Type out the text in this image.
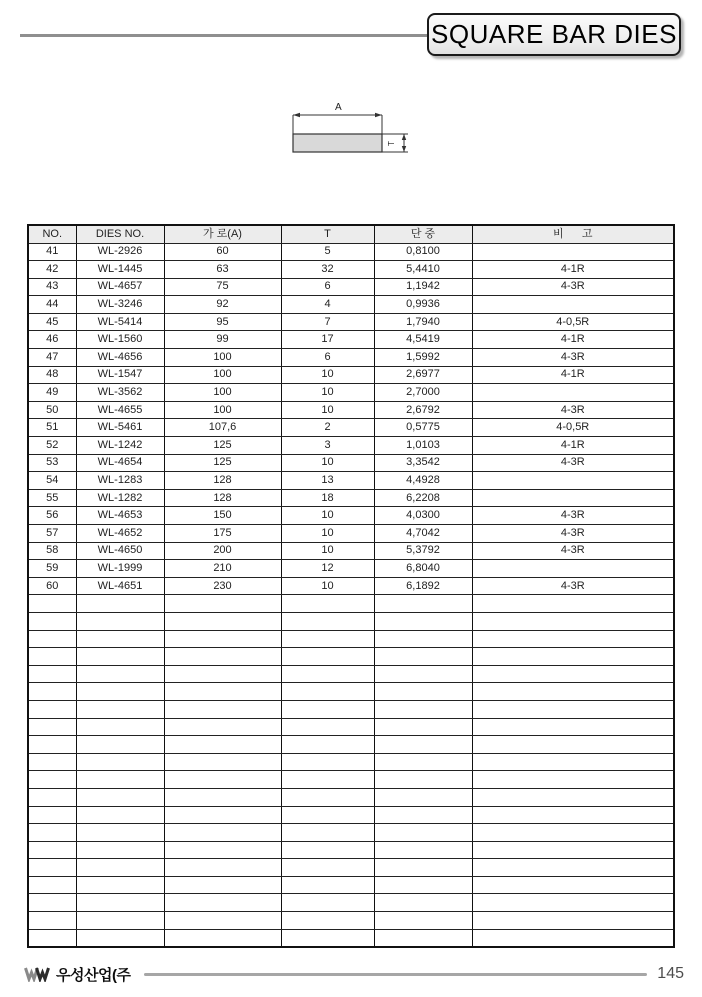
SQUARE BAR DIES
A
T
NO.	DIES NO.	가 로(A)	T	단 중	비      고
41	WL-2926	60	5	0,8100	
42	WL-1445	63	32	5,4410	4-1R
43	WL-4657	75	6	1,1942	4-3R
44	WL-3246	92	4	0,9936	
45	WL-5414	95	7	1,7940	4-0,5R
46	WL-1560	99	17	4,5419	4-1R
47	WL-4656	100	6	1,5992	4-3R
48	WL-1547	100	10	2,6977	4-1R
49	WL-3562	100	10	2,7000	
50	WL-4655	100	10	2,6792	4-3R
51	WL-5461	107,6	2	0,5775	4-0,5R
52	WL-1242	125	3	1,0103	4-1R
53	WL-4654	125	10	3,3542	4-3R
54	WL-1283	128	13	4,4928	
55	WL-1282	128	18	6,2208	
56	WL-4653	150	10	4,0300	4-3R
57	WL-4652	175	10	4,7042	4-3R
58	WL-4650	200	10	5,3792	4-3R
59	WL-1999	210	12	6,8040	
60	WL-4651	230	10	6,1892	4-3R

우성산업(주	145
